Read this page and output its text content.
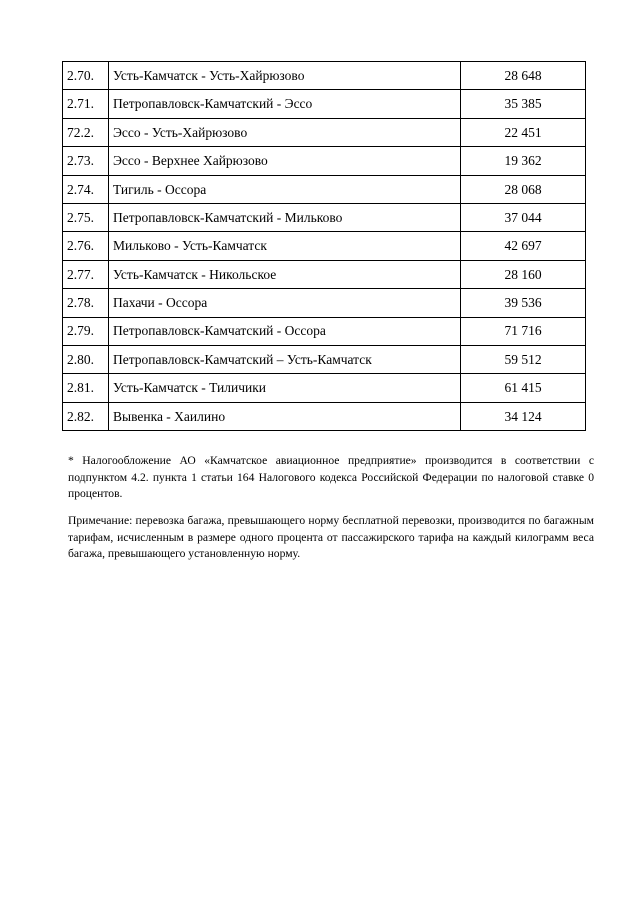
2.70.	Усть-Камчатск - Усть-Хайрюзово	28 648
2.71.	Петропавловск-Камчатский - Эссо	35 385
72.2.	Эссо - Усть-Хайрюзово	22 451
2.73.	Эссо - Верхнее Хайрюзово	19 362
2.74.	Тигиль - Оссора	28 068
2.75.	Петропавловск-Камчатский - Мильково	37 044
2.76.	Мильково - Усть-Камчатск	42 697
2.77.	Усть-Камчатск - Никольское	28 160
2.78.	Пахачи - Оссора	39 536
2.79.	Петропавловск-Камчатский - Оссора	71 716
2.80.	Петропавловск-Камчатский – Усть-Камчатск	59 512
2.81.	Усть-Камчатск - Тиличики	61 415
2.82.	Вывенка - Хаилино	34 124

* Налогообложение АО «Камчатское авиационное предприятие» производится в соответствии с подпунктом 4.2. пункта 1 статьи 164 Налогового кодекса Российской Федерации по налоговой ставке 0 процентов.

Примечание: перевозка багажа, превышающего норму бесплатной перевозки, производится по багажным тарифам, исчисленным в размере одного процента от пассажирского тарифа на каждый килограмм веса багажа, превышающего установленную норму.
